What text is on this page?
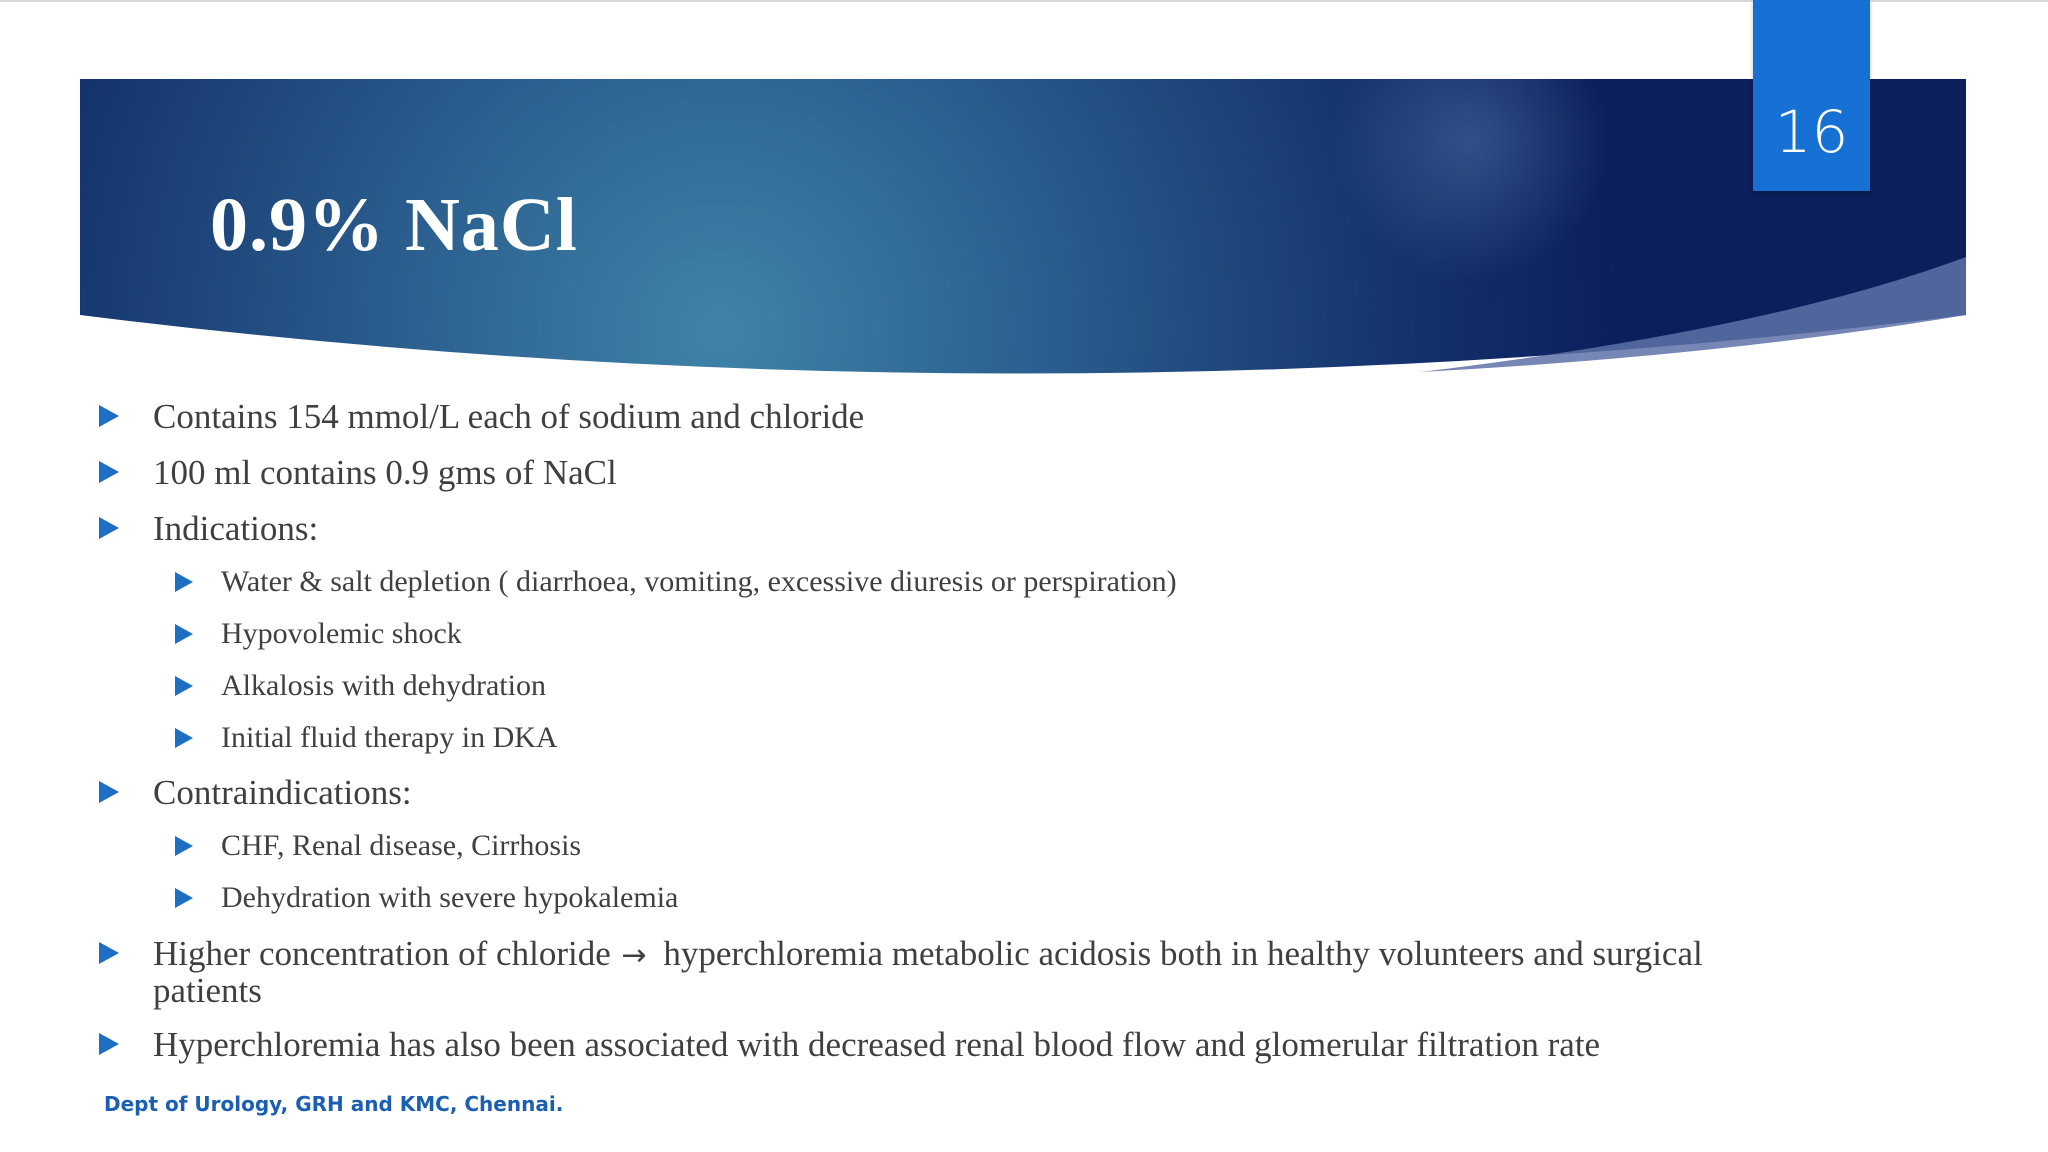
0.9% NaCl
16
Contains 154 mmol/L each of sodium and chloride
100 ml contains 0.9 gms of NaCl
Indications:
Water & salt depletion ( diarrhoea, vomiting, excessive diuresis or perspiration)
Hypovolemic shock
Alkalosis with dehydration
Initial fluid therapy in DKA
Contraindications:
CHF, Renal disease, Cirrhosis
Dehydration with severe hypokalemia
Higher concentration of chloride → hyperchloremia metabolic acidosis both in healthy volunteers and surgical patients
Hyperchloremia has also been associated with decreased renal blood flow and glomerular filtration rate
Dept of Urology, GRH and KMC, Chennai.
